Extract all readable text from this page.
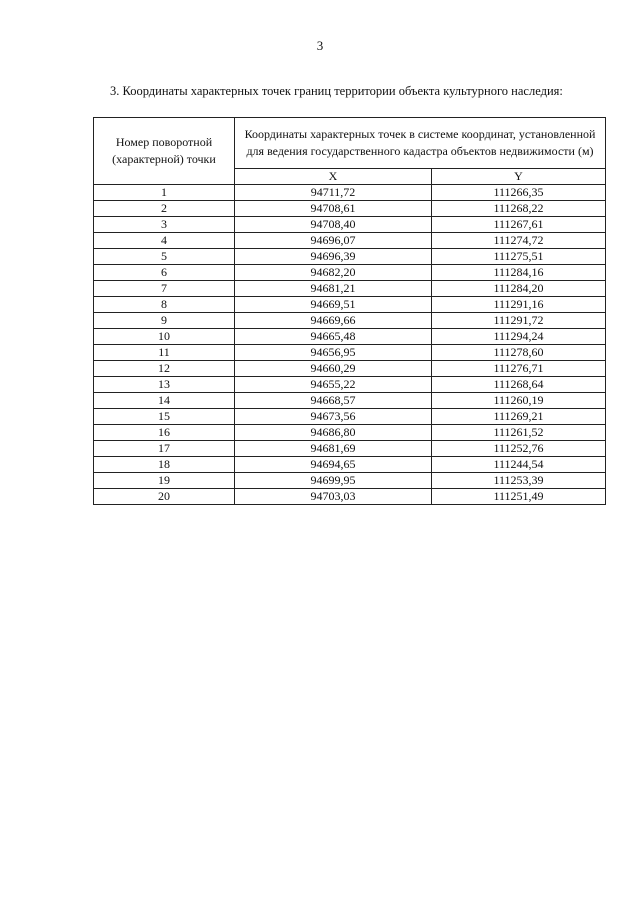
3
3. Координаты характерных точек границ территории объекта культурного наследия:
Номер поворотной (характерной) точки	Координаты характерных точек в системе координат, установленной для ведения государственного кадастра объектов недвижимости (м)	
	X	Y
1	94711,72	111266,35
2	94708,61	111268,22
3	94708,40	111267,61
4	94696,07	111274,72
5	94696,39	111275,51
6	94682,20	111284,16
7	94681,21	111284,20
8	94669,51	111291,16
9	94669,66	111291,72
10	94665,48	111294,24
11	94656,95	111278,60
12	94660,29	111276,71
13	94655,22	111268,64
14	94668,57	111260,19
15	94673,56	111269,21
16	94686,80	111261,52
17	94681,69	111252,76
18	94694,65	111244,54
19	94699,95	111253,39
20	94703,03	111251,49
